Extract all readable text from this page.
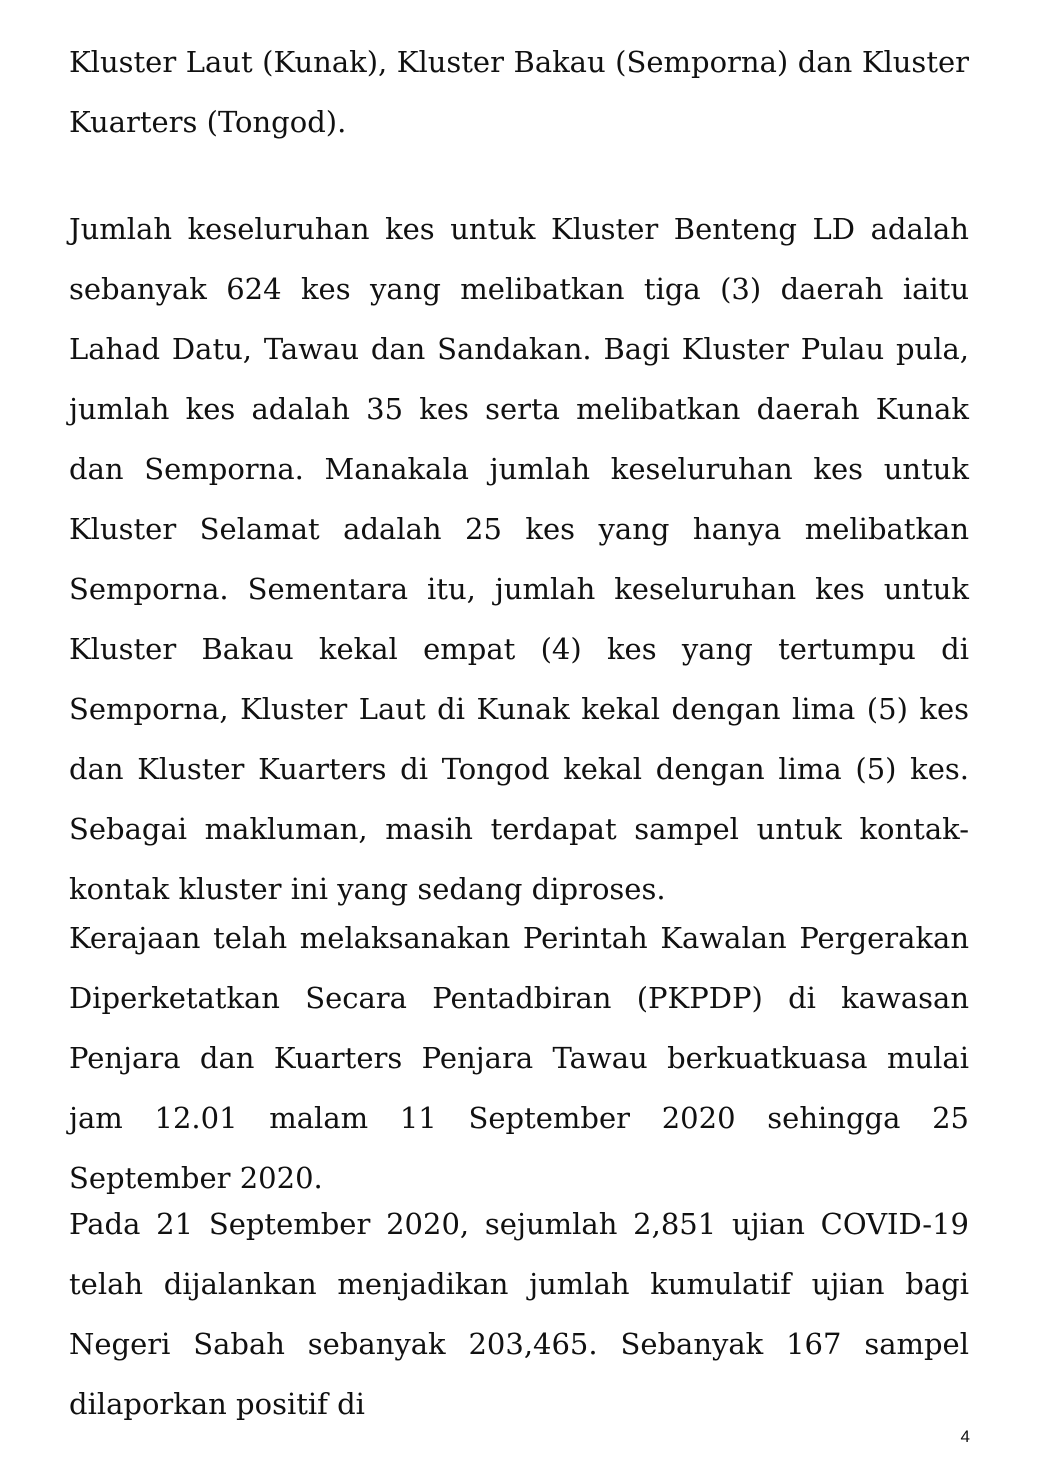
Kluster Laut (Kunak), Kluster Bakau (Semporna) dan Kluster Kuarters (Tongod).

Jumlah keseluruhan kes untuk Kluster Benteng LD adalah sebanyak 624 kes yang melibatkan tiga (3) daerah iaitu Lahad Datu, Tawau dan Sandakan. Bagi Kluster Pulau pula, jumlah kes adalah 35 kes serta melibatkan daerah Kunak dan Semporna. Manakala jumlah keseluruhan kes untuk Kluster Selamat adalah 25 kes yang hanya melibatkan Semporna. Sementara itu, jumlah keseluruhan kes untuk Kluster Bakau kekal empat (4) kes yang tertumpu di Semporna, Kluster Laut di Kunak kekal dengan lima (5) kes dan Kluster Kuarters di Tongod kekal dengan lima (5) kes. Sebagai makluman, masih terdapat sampel untuk kontak-kontak kluster ini yang sedang diproses.

Kerajaan telah melaksanakan Perintah Kawalan Pergerakan Diperketatkan Secara Pentadbiran (PKPDP) di kawasan Penjara dan Kuarters Penjara Tawau berkuatkuasa mulai jam 12.01 malam 11 September 2020 sehingga 25 September 2020.

Pada 21 September 2020, sejumlah 2,851 ujian COVID-19 telah dijalankan menjadikan jumlah kumulatif ujian bagi Negeri Sabah sebanyak 203,465. Sebanyak 167 sampel dilaporkan positif di

4
